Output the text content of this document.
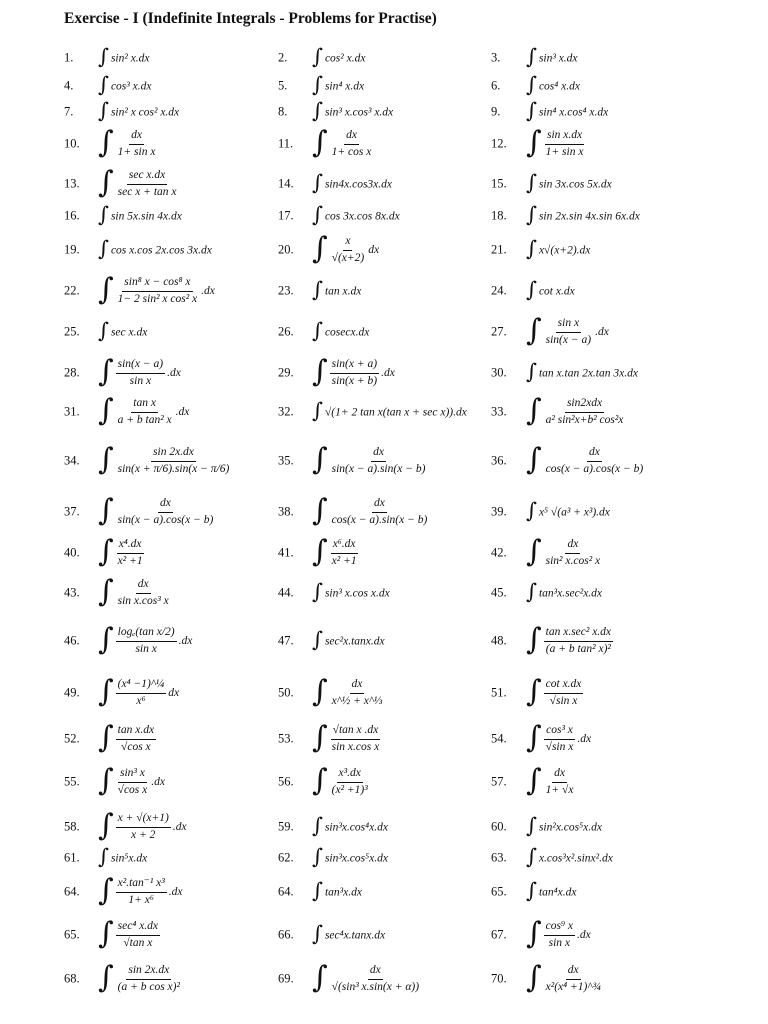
Exercise - I (Indefinite Integrals - Problems for Practise)
1. ∫ sin² x.dx	2. ∫ cos² x.dx	3. ∫ sin³ x.dx
4. ∫ cos³ x.dx	5. ∫ sin⁴ x.dx	6. ∫ cos⁴ x.dx
7. ∫ sin² x cos² x.dx	8. ∫ sin³ x.cos³ x.dx	9. ∫ sin⁴ x.cos⁴ x.dx
10. ∫ $\frac{dx}{\text{1+ sin x}}$	11. ∫ $\frac{dx}{\text{1+ cos x}}$	12. ∫ $\frac{\text{sin x.dx}}{\text{1+ sin x}}$
13. ∫ $\frac{\text{sec x.dx}}{\text{sec x + tan x}}$	14. ∫ sin4x.cos3x.dx	15. ∫ sin 3x.cos 5x.dx
16. ∫ sin 5x.sin 4x.dx	17. ∫ cos 3x.cos 8x.dx	18. ∫ sin 2x.sin 4x.sin 6x.dx
19. ∫ cos x.cos 2x.cos 3x.dx	20. ∫ $\frac{x}{√(x+2)}$ dx	21. ∫ x√(x+2).dx
22. ∫ $\frac{\text{sin⁸ x − cos⁸ x}}{\text{1− 2 sin² x cos² x}} .dx$	23. ∫ tan x.dx	24. ∫ cot x.dx
25. ∫ sec x.dx	26. ∫ cosecx.dx	27. ∫ $\frac{\text{sin x}}{\sin(x - a)} .dx$
28. ∫ $\frac{\sin(x - a)}{\text{sin x}} .dx$	29. ∫ $\frac{\sin(x + a)}{\sin(x + b)} .dx$	30. ∫ tan x.tan 2x.tan 3x.dx
31. ∫ $\frac{\text{tan x}}{\text{a + b tan² x}} .dx$	32. ∫ √(1+ 2 tan x(tan x + sec x)).dx 33. ∫ $\frac{\text{sin2xdx}}{\text{a² sin²x+b² cos²x}}$
34. ∫ $\frac{\sin 2x.dx}{\sin(x + \pi/6).\sin(x - \pi/6)}$	35. ∫ $\frac{dx}{\sin(x - a).\sin(x - b)}$	36. ∫ $\frac{dx}{\cos(x - a).\cos(x - b)}$
37. ∫ $\frac{dx}{\sin(x - a).\cos(x - b)}$	38. ∫ $\frac{dx}{\cos(x - a).\sin(x - b)}$	39. ∫ x⁵ √(a³ + x³).dx
40. ∫ $\frac{\text{x⁴.dx}}{\text{x² +1}}$	41. ∫ $\frac{\text{x⁶.dx}}{\text{x² +1}}$	42. ∫ $\frac{dx}{\text{sin² x.cos² x}}$
43. ∫ $\frac{dx}{\text{sin x.cos³ x}}$	44. ∫ sin³ x.cos x.dx	45. ∫ tan³x.sec²x.dx
46. ∫ $\frac{\text{logₑ(tan x/2)}}{\text{sin x}} .dx$	47. ∫ sec²x.tanx.dx	48. ∫ $\frac{\text{tan x.sec² x.dx}}{\text{(a + b tan² x)²}}$
49. ∫ $\frac{\text{(x⁴ −1)\textasciicircum{}¼}}{\text{x⁶}}$ dx	50. ∫ $\frac{dx}{\text{x\textasciicircum{}½ + x\textasciicircum{}⅓}}$	51. ∫ $\frac{\text{cot x.dx}}{\text{√sin x}}$
52. ∫ $\frac{\text{tan x.dx}}{\text{√cos x}}$	53. ∫ $\frac{\text{√tan x .dx}}{\text{sin x.cos x}}$	54. ∫ $\frac{\text{cos³ x}}{\text{√sin x}} .dx$
55. ∫ $\frac{\text{sin³ x}}{\text{√cos x}} .dx$	56. ∫ $\frac{\text{x³.dx}}{\text{(x² +1)³}}$	57. ∫ $\frac{dx}{1+ √x}$
58. ∫ $\frac{x + √(x+1)}{x + 2} .dx$	59. ∫ sin³x.cos⁴x.dx	60. ∫ sin²x.cos⁵x.dx
61. ∫ sin⁵x.dx	62. ∫ sin³x.cos⁵x.dx	63. ∫ x.cos³x².sinx².dx
64. ∫ $\frac{\text{x².tan⁻¹ x³}}{\text{1+ x⁶}} .dx$	64. ∫ tan³x.dx	65. ∫ tan⁴x.dx
65. ∫ $\frac{\text{sec⁴ x.dx}}{\text{√tan x}}$	66. ∫ sec⁴x.tanx.dx	67. ∫ $\frac{\text{cos⁹ x}}{\text{sin x}} .dx$
68. ∫ $\frac{\sin 2x.dx}{\text{(a + b cos x)²}}$	69. ∫ $\frac{dx}{\text{√(sin³ x.sin(x + α))}}$	70. ∫ $\frac{dx}{\text{x²(x⁴ +1)\textasciicircum{}¾}}$
